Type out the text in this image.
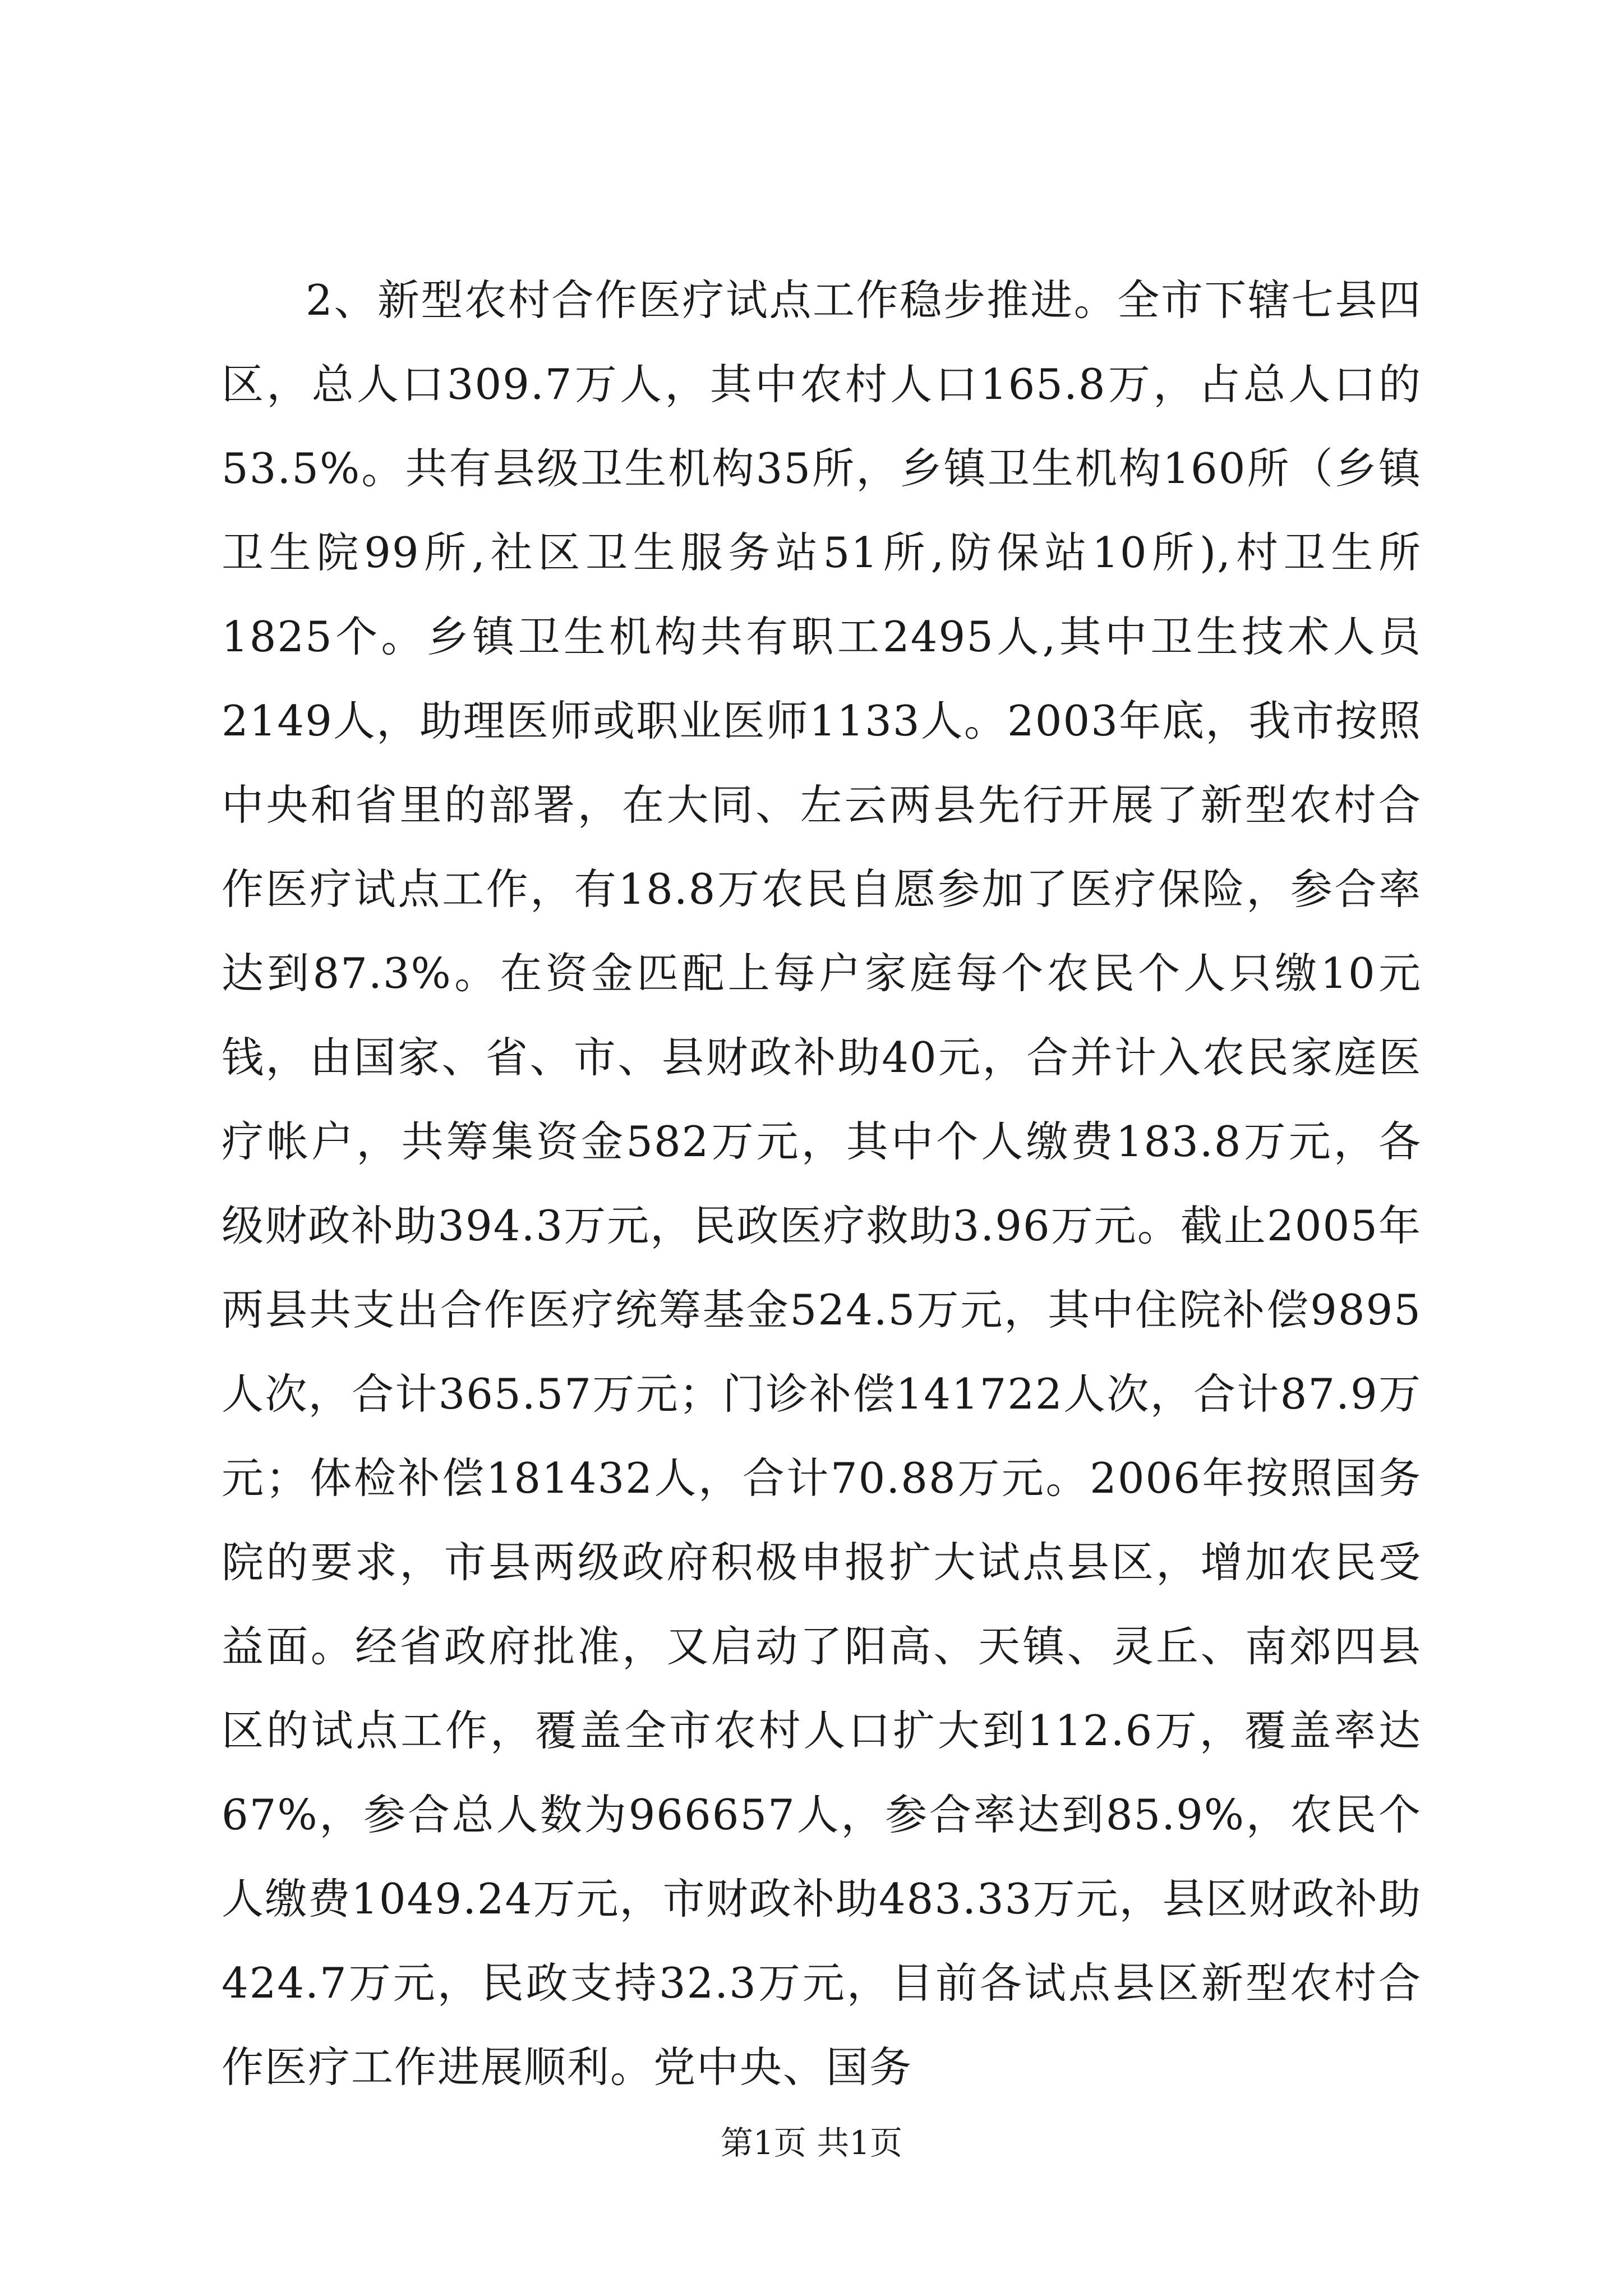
2、新型农村合作医疗试点工作稳步推进。全市下辖七县四区，总人口309.7万人，其中农村人口165.8万，占总人口的53.5%。共有县级卫生机构35所，乡镇卫生机构160所（乡镇卫生院99所,社区卫生服务站51所,防保站10所),村卫生所1825个。乡镇卫生机构共有职工2495人,其中卫生技术人员2149人，助理医师或职业医师1133人。2003年底，我市按照中央和省里的部署，在大同、左云两县先行开展了新型农村合作医疗试点工作，有18.8万农民自愿参加了医疗保险，参合率达到87.3%。在资金匹配上每户家庭每个农民个人只缴10元钱，由国家、省、市、县财政补助40元，合并计入农民家庭医疗帐户，共筹集资金582万元，其中个人缴费183.8万元，各级财政补助394.3万元，民政医疗救助3.96万元。截止2005年两县共支出合作医疗统筹基金524.5万元，其中住院补偿9895人次，合计365.57万元；门诊补偿141722人次，合计87.9万元；体检补偿181432人，合计70.88万元。2006年按照国务院的要求，市县两级政府积极申报扩大试点县区，增加农民受益面。经省政府批准，又启动了阳高、天镇、灵丘、南郊四县区的试点工作，覆盖全市农村人口扩大到112.6万，覆盖率达67%，参合总人数为966657人，参合率达到85.9%，农民个人缴费1049.24万元，市财政补助483.33万元，县区财政补助424.7万元，民政支持32.3万元，目前各试点县区新型农村合作医疗工作进展顺利。党中央、国务

第1页 共1页
